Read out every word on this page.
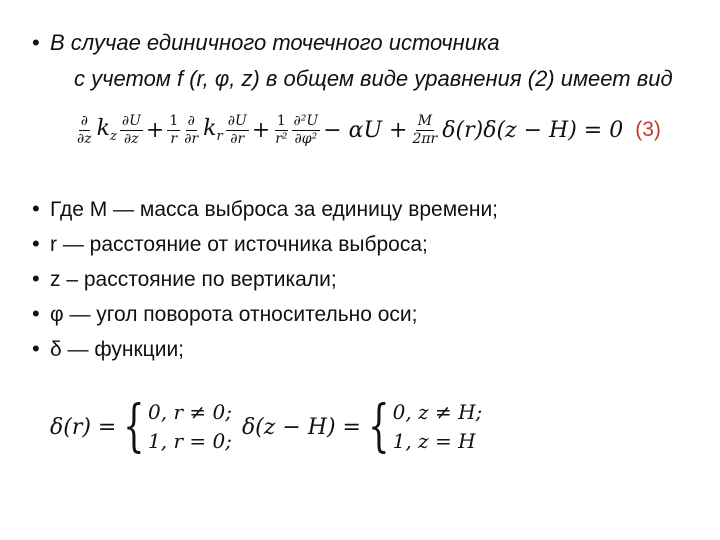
• В случае единичного точечного источника
с учетом f (r, φ, z) в общем виде уравнения (2) имеет вид
$\frac{\partial}{\partial z} k_z \frac{\partial U}{\partial z} + \frac{1}{r} \frac{\partial}{\partial r} k_r \frac{\partial U}{\partial r} + \frac{1}{\text{r²}} \frac{\text{∂²U}}{\text{∂φ²}} - \alpha U + \frac{M}{2\pi r} \delta(r)\delta(z - H) = 0$ (3)
• Где M — масса выброса за единицу времени;
• r — расстояние от источника выброса;
• z – расстояние по вертикали;
• φ — угол поворота относительно оси;
• δ — функции;
δ(r) = { 0, r ≠ 0;
1, r = 0;
δ(z − H) = { 0, z ≠ H;
1, z = H
